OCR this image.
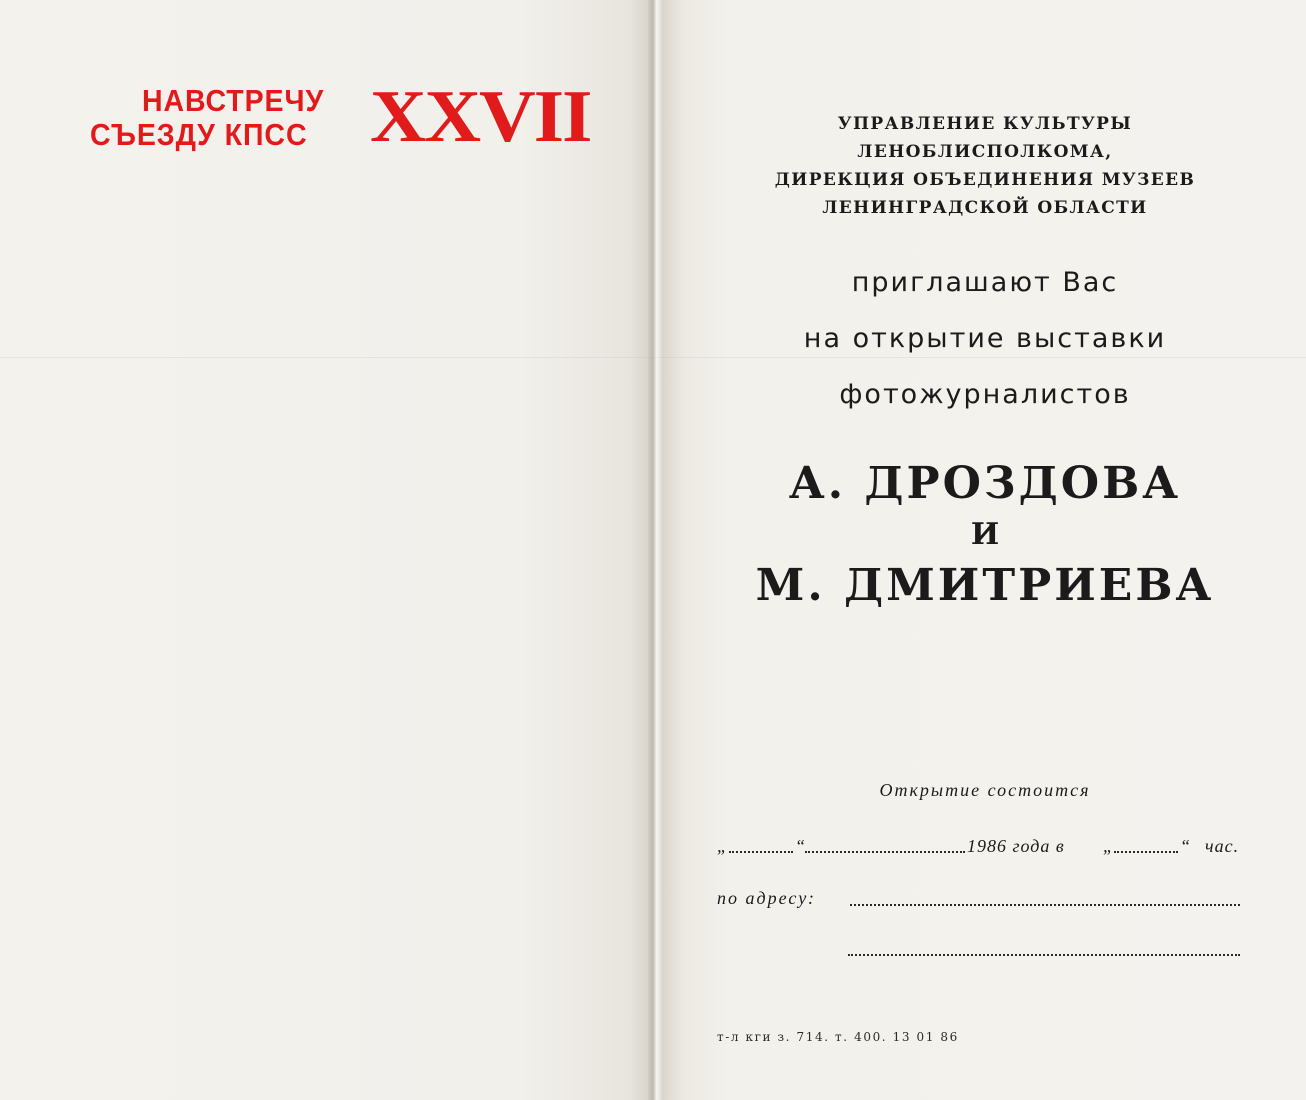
НАВСТРЕЧУ
СЪЕЗДУ КПСС XXVII	УПРАВЛЕНИЕ КУЛЬТУРЫ
ЛЕНОБЛИСПОЛКОМА,
ДИРЕКЦИЯ ОБЪЕДИНЕНИЯ МУЗЕЕВ
ЛЕНИНГРАДСКОЙ ОБЛАСТИ
приглашают Вас
на открытие выставки
фотожурналистов
А. ДРОЗДОВА
И
М. ДМИТРИЕВА
Открытие состоится
„	“	1986 года в „	“ час.
по адресу:
т-л кги з. 714. т. 400. 13 01 86
